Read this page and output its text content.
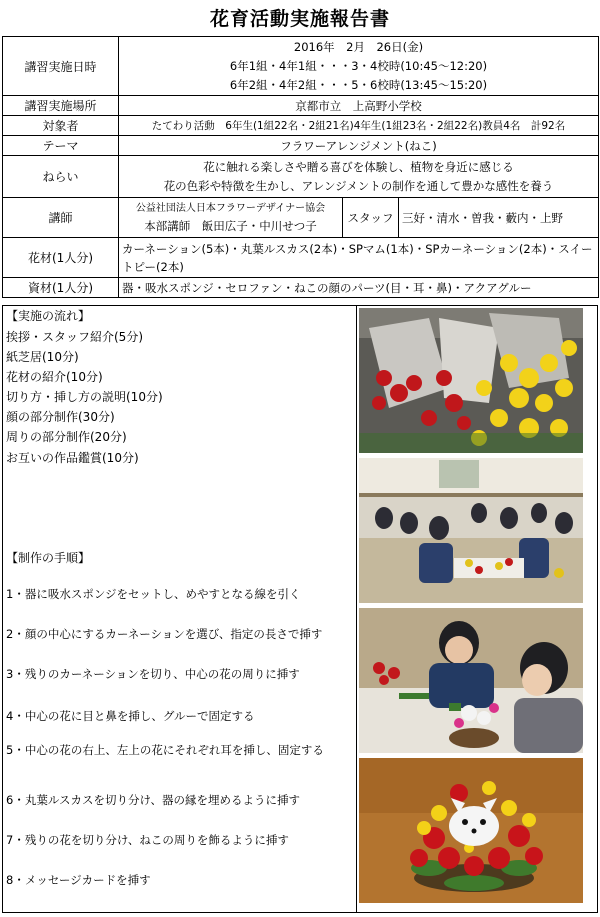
花育活動実施報告書
講習実施日時	2016年　2月　26日(金)
6年1組・4年1組・・・3・4校時(10:45～12:20)
6年2組・4年2組・・・5・6校時(13:45～15:20)		

講習実施場所	京都市立　上高野小学校		
対象者	たてわり活動　6年生(1組22名・2組21名)4年生(1組23名・2組22名)教員4名　計92名		
テーマ	フラワーアレンジメント(ねこ)		
ねらい	花に触れる楽しさや贈る喜びを体験し、植物を身近に感じる
花の色彩や特徴を生かし、アレンジメントの制作を通して豊かな感性を養う		

講師	公益社団法人日本フラワーデザイナー協会
本部講師　飯田広子・中川せつ子	スタッフ	三好・清水・曽我・藪内・上野
花材(1人分)	カーネーション(5本)・丸葉ルスカス(2本)・SPマム(1本)・SPカーネーション(2本)・スイートピー(2本)		
資材(1人分)	器・吸水スポンジ・セロファン・ねこの顔のパーツ(目・耳・鼻)・アクアグルー		
【実施の流れ】
挨拶・スタッフ紹介(5分)
紙芝居(10分)
花材の紹介(10分)
切り方・挿し方の説明(10分)
顔の部分制作(30分)
周りの部分制作(20分)
お互いの作品鑑賞(10分)
【制作の手順】
1・器に吸水スポンジをセットし、めやすとなる線を引く
2・顔の中心にするカーネーションを選び、指定の長さで挿す
3・残りのカーネーションを切り、中心の花の周りに挿す
4・中心の花に目と鼻を挿し、グルーで固定する
5・中心の花の右上、左上の花にそれぞれ耳を挿し、固定する
6・丸葉ルスカスを切り分け、器の縁を埋めるように挿す
7・残りの花を切り分け、ねこの周りを飾るように挿す
8・メッセージカードを挿す
